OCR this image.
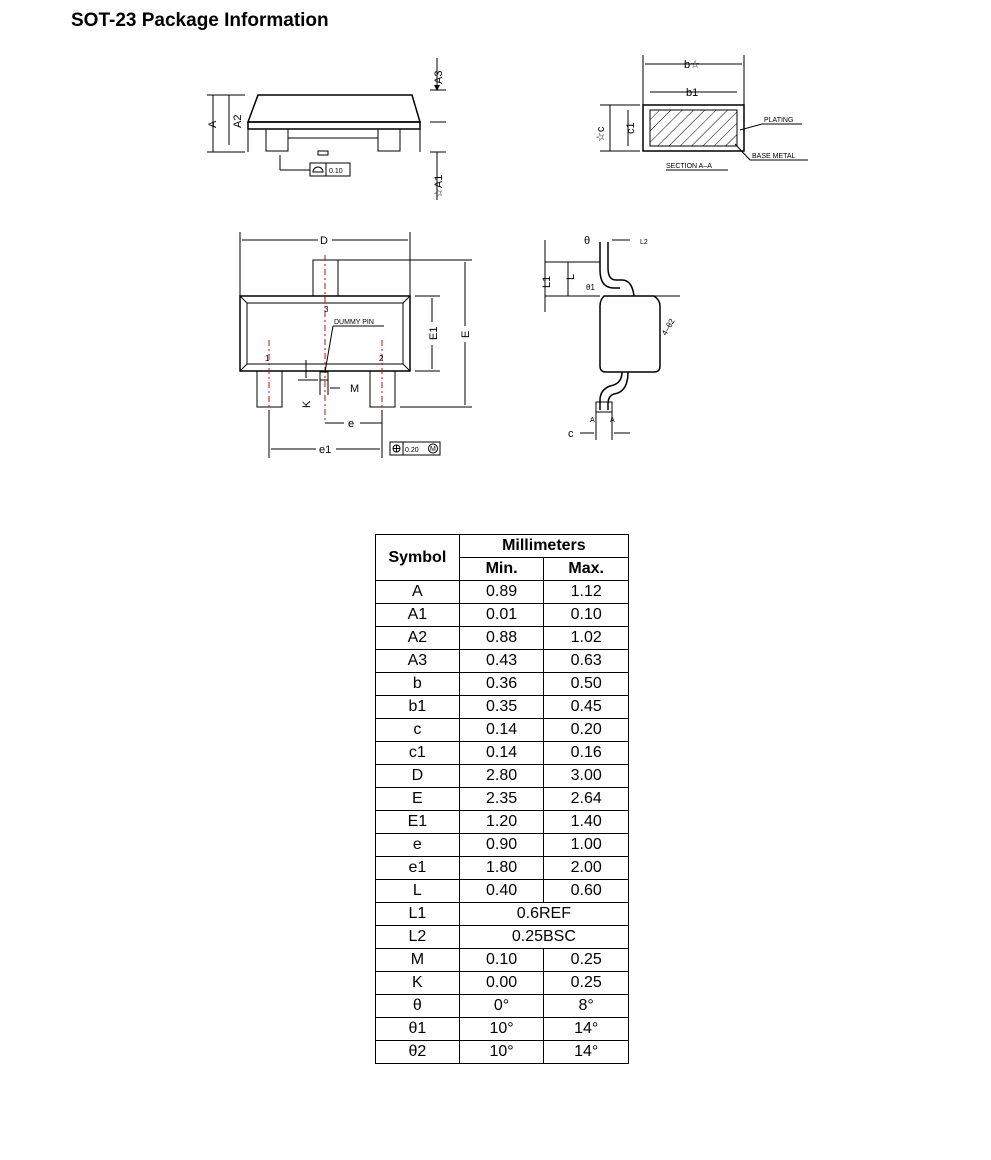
SOT-23 Package Information
A A2
A3
☆A1
0.10
b☆
b1
☆c c1
PLATING
BASE METAL
SECTION A–A
D
3
1	2
DUMMY PIN
E1 E
K
M
e
e1	0.20 M
L1 L
L2
θ
θ1
4–θ2
c
A A
Symbol	Millimeters	
	Min.	Max.
A	0.89	1.12
A1	0.01	0.10
A2	0.88	1.02
A3	0.43	0.63
b	0.36	0.50
b1	0.35	0.45
c	0.14	0.20
c1	0.14	0.16
D	2.80	3.00
E	2.35	2.64
E1	1.20	1.40
e	0.90	1.00
e1	1.80	2.00
L	0.40	0.60
L1	0.6REF	
L2	0.25BSC	
M	0.10	0.25
K	0.00	0.25
θ	0°	8°
θ1	10°	14°
θ2	10°	14°
